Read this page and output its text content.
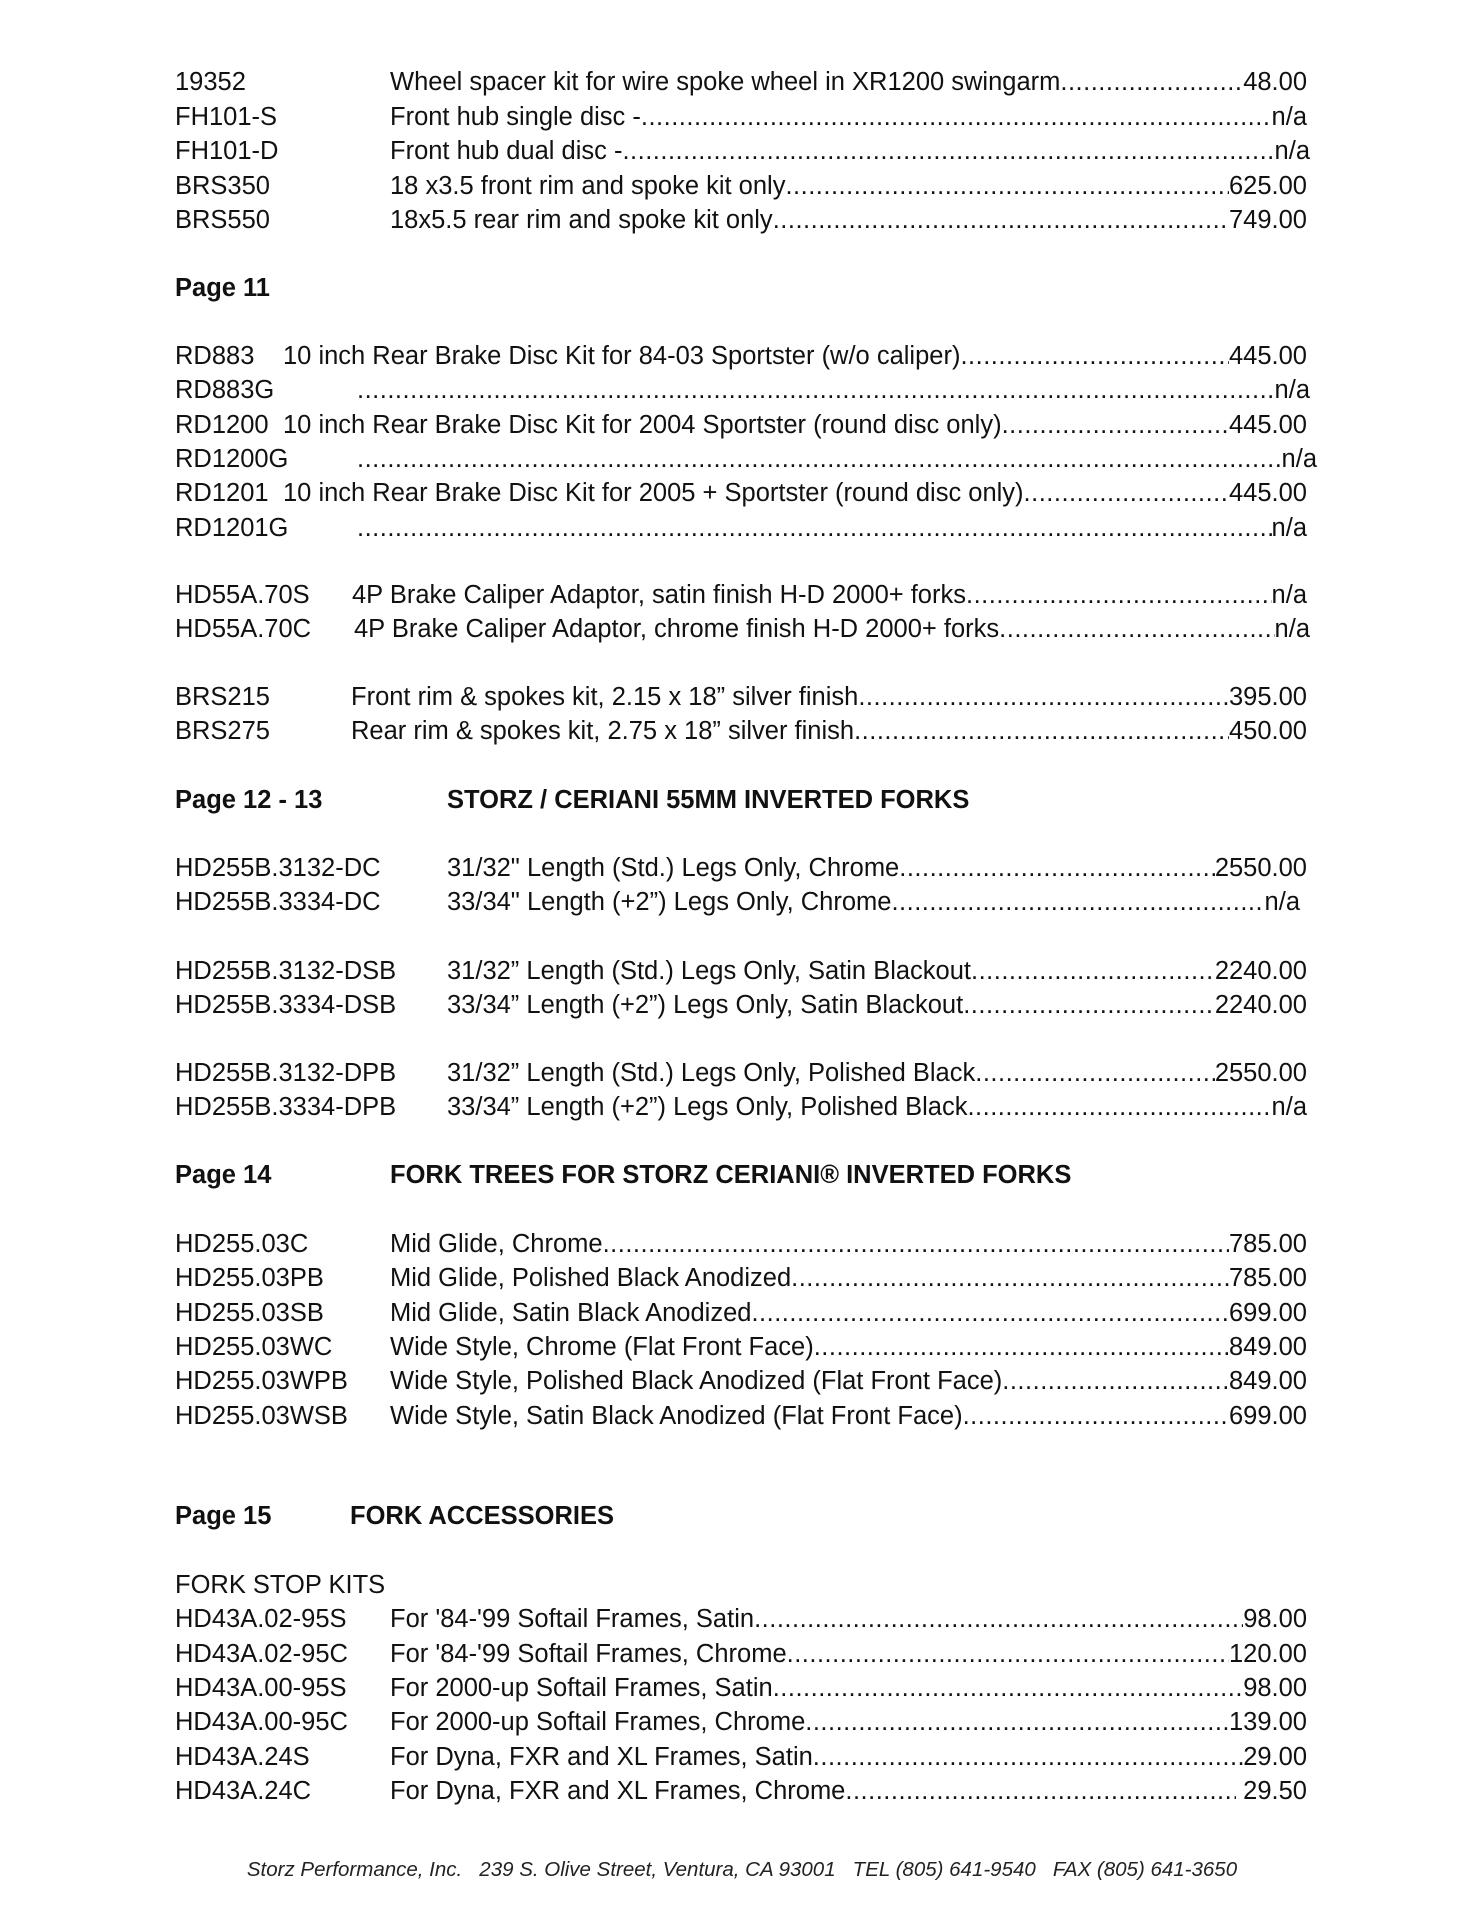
19352	Wheel spacer kit for wire spoke wheel in XR1200 swingarm .....	48.00
FH101-S	Front hub single disc - .....	n/a
FH101-D	Front hub dual disc - .....	n/a
BRS350	18 x3.5 front rim and spoke kit only .....	625.00
BRS550	18x5.5 rear rim and spoke kit only .....	749.00
Page 11
RD883	10 inch Rear Brake Disc Kit for 84-03 Sportster (w/o caliper) .....	445.00
RD883G .....	n/a
RD1200 10 inch Rear Brake Disc Kit for 2004 Sportster (round disc only) .....	445.00
RD1200G .....	n/a
RD1201 10 inch Rear Brake Disc Kit for 2005 + Sportster (round disc only) .....	445.00
RD1201G .....	n/a
HD55A.70S	4P Brake Caliper Adaptor, satin finish H-D 2000+ forks .....	n/a
HD55A.70C	4P Brake Caliper Adaptor, chrome finish H-D 2000+ forks .....	n/a
BRS215	Front rim & spokes kit, 2.15 x 18” silver finish .....	395.00
BRS275	Rear rim & spokes kit, 2.75 x 18” silver finish .....	450.00
Page 12 - 13	STORZ / CERIANI 55MM INVERTED FORKS
HD255B.3132-DC	31/32" Length (Std.) Legs Only, Chrome .....	2550.00
HD255B.3334-DC	33/34" Length (+2”) Legs Only, Chrome .....	n/a
HD255B.3132-DSB	31/32” Length (Std.) Legs Only, Satin Blackout .....	2240.00
HD255B.3334-DSB	33/34” Length (+2”) Legs Only, Satin Blackout .....	2240.00
HD255B.3132-DPB	31/32” Length (Std.) Legs Only, Polished Black .....	2550.00
HD255B.3334-DPB	33/34” Length (+2”) Legs Only, Polished Black .....	n/a
Page 14	FORK TREES FOR STORZ CERIANI® INVERTED FORKS
HD255.03C	Mid Glide, Chrome .....	785.00
HD255.03PB	Mid Glide, Polished Black Anodized .....	785.00
HD255.03SB	Mid Glide, Satin Black Anodized .....	699.00
HD255.03WC	Wide Style, Chrome (Flat Front Face) .....	849.00
HD255.03WPB	Wide Style, Polished Black Anodized (Flat Front Face) .....	849.00
HD255.03WSB	Wide Style, Satin Black Anodized (Flat Front Face) .....	699.00
Page 15	FORK ACCESSORIES
FORK STOP KITS
HD43A.02-95S	For '84-'99 Softail Frames, Satin .....	98.00
HD43A.02-95C	For '84-'99 Softail Frames, Chrome .....	120.00
HD43A.00-95S	For 2000-up Softail Frames, Satin .....	98.00
HD43A.00-95C	For 2000-up Softail Frames, Chrome .....	139.00
HD43A.24S	For Dyna, FXR and XL Frames, Satin .....	29.00
HD43A.24C	For Dyna, FXR and XL Frames, Chrome .....	29.50
Storz Performance, Inc.   239 S. Olive Street, Ventura, CA 93001   TEL (805) 641-9540   FAX (805) 641-3650
